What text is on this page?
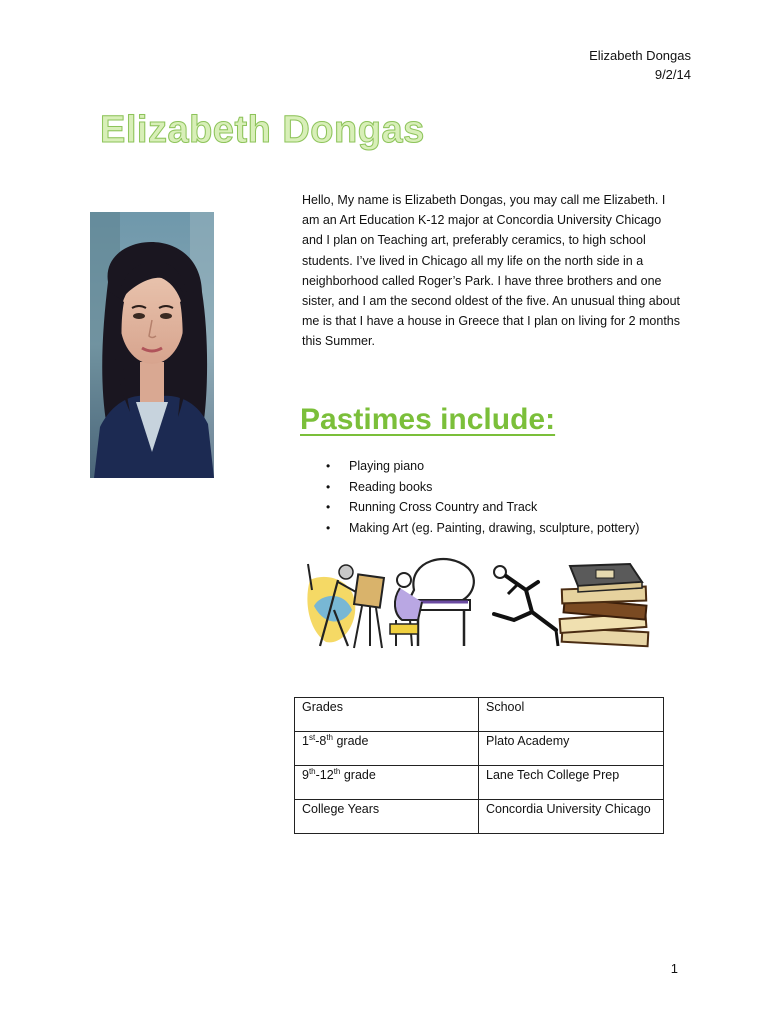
Elizabeth Dongas
9/2/14
Elizabeth Dongas

Hello, My name is Elizabeth Dongas, you may call me Elizabeth. I am an Art Education K-12 major at Concordia University Chicago and I plan on Teaching art, preferably ceramics, to high school students. I’ve lived in Chicago all my life on the north side in a neighborhood called Roger’s Park. I have three brothers and one sister, and I am the second oldest of the five. An unusual thing about me is that I have a house in Greece that I plan on living for 2 months this Summer.

Pastimes include:
• Playing piano
• Reading books
• Running Cross Country and Track
• Making Art (eg. Painting, drawing, sculpture, pottery)
Grades	School
1st-8th grade	Plato Academy
9th-12th grade	Lane Tech College Prep
College Years	Concordia University Chicago
1
